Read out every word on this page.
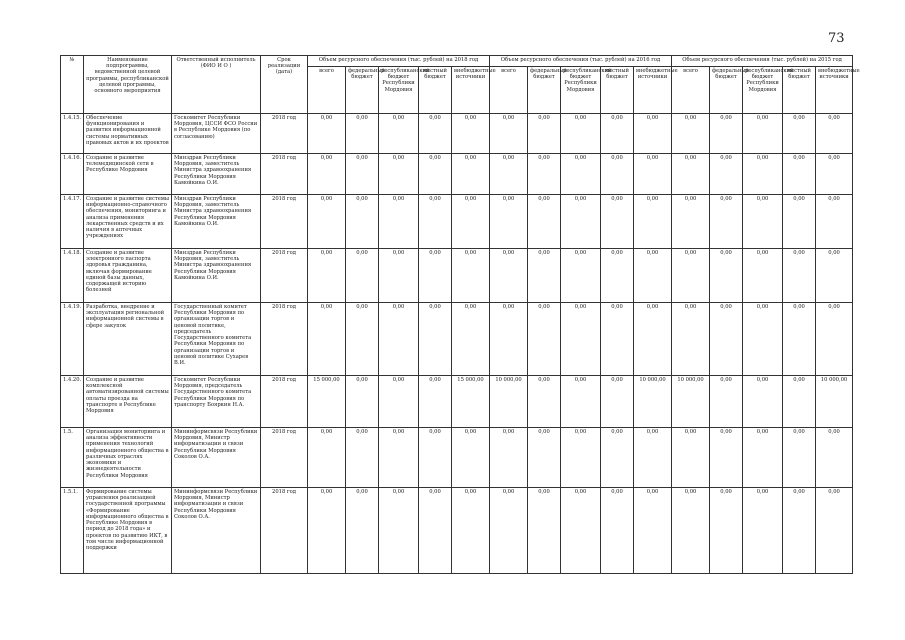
73
№	Наименование подпрограммы, ведомственной целевой программы, республиканской целевой программы, основного мероприятия	Ответственный исполнитель (ФИО И О )	Срок реализации (дата)	Объем ресурсного обеспечения (тыс. рублей) на 2018 год					Объем ресурсного обеспечения (тыс. рублей) на 2016 год					Объем ресурсного обеспечения (тыс. рублей) на 2015 год				
				всего	федеральный бюджет	республиканский бюджет Республики Мордовия	местный бюджет	внебюджетные источники	всего	федеральный бюджет	республиканский бюджет Республики Мордовия	местный бюджет	внебюджетные источники	всего	федеральный бюджет	республиканский бюджет Республики Мордовия	местный бюджет	внебюджетные источники
1.4.15.	Обеспечение функционирования и развития информационной системы нормативных правовых актов и их проектов	Госкомитет Республики Мордовия, ЦССИ ФСО России в Республике Мордовия (по согласованию)	2018 год	0,00	0,00	0,00	0,00	0,00	0,00	0,00	0,00	0,00	0,00	0,00	0,00	0,00	0,00	0,00
1.4.16.	Создание и развитие телемедицинской сети в Республике Мордовия	Минздрав Республики Мордовия, заместитель Министра здравоохранения Республики Мордовия Камойкина О.И.	2018 год	0,00	0,00	0,00	0,00	0,00	0,00	0,00	0,00	0,00	0,00	0,00	0,00	0,00	0,00	0,00
1.4.17.	Создание и развитие системы информационно-справочного обеспечения, мониторинга и анализа применения лекарственных средств и их наличия в аптечных учреждениях	Минздрав Республики Мордовия, заместитель Министра здравоохранения Республики Мордовия Камойкина О.И.	2018 год	0,00	0,00	0,00	0,00	0,00	0,00	0,00	0,00	0,00	0,00	0,00	0,00	0,00	0,00	0,00
1.4.18.	Создание и развитие электронного паспорта здоровья гражданина, включая формирование единой базы данных, содержащей историю болезней	Минздрав Республики Мордовия, заместитель Министра здравоохранения Республики Мордовия Камойкина О.И.	2018 год	0,00	0,00	0,00	0,00	0,00	0,00	0,00	0,00	0,00	0,00	0,00	0,00	0,00	0,00	0,00
1.4.19.	Разработка, внедрение и эксплуатация региональной информационной системы в сфере закупок	Государственный комитет Республики Мордовия по организации торгов и ценовой политике, председатель Государственного комитета Республики Мордовия по организации торгов и ценовой политике Сухарев В.И.	2018 год	0,00	0,00	0,00	0,00	0,00	0,00	0,00	0,00	0,00	0,00	0,00	0,00	0,00	0,00	0,00
1.4.20.	Создание и развитие комплексной автоматизированной системы оплаты проезда на транспорте в Республике Мордовия	Госкомитет Республики Мордовия, председатель Государственного комитета Республики Мордовия по транспорту Бояркин Н.А.	2018 год	15 000,00	0,00	0,00	0,00	15 000,00	10 000,00	0,00	0,00	0,00	10 000,00	10 000,00	0,00	0,00	0,00	10 000,00
1.5.	Организация мониторинга и анализа эффективности применения технологий информационного общества в различных отраслях экономики и жизнедеятельности Республики Мордовия	Мининформсвязи Республики Мордовия, Министр информатизации и связи Республики Мордовия Соколов О.А.	2018 год	0,00	0,00	0,00	0,00	0,00	0,00	0,00	0,00	0,00	0,00	0,00	0,00	0,00	0,00	0,00
1.5.1.	Формирование системы управления реализацией государственной программы «Формирование информационного общества в Республике Мордовия в период до 2018 года» и проектов по развитию ИКТ, в том числе информационной поддержки	Мининформсвязи Республики Мордовия, Министр информатизации и связи Республики Мордовия Соколов О.А.	2018 год	0,00	0,00	0,00	0,00	0,00	0,00	0,00	0,00	0,00	0,00	0,00	0,00	0,00	0,00	0,00
